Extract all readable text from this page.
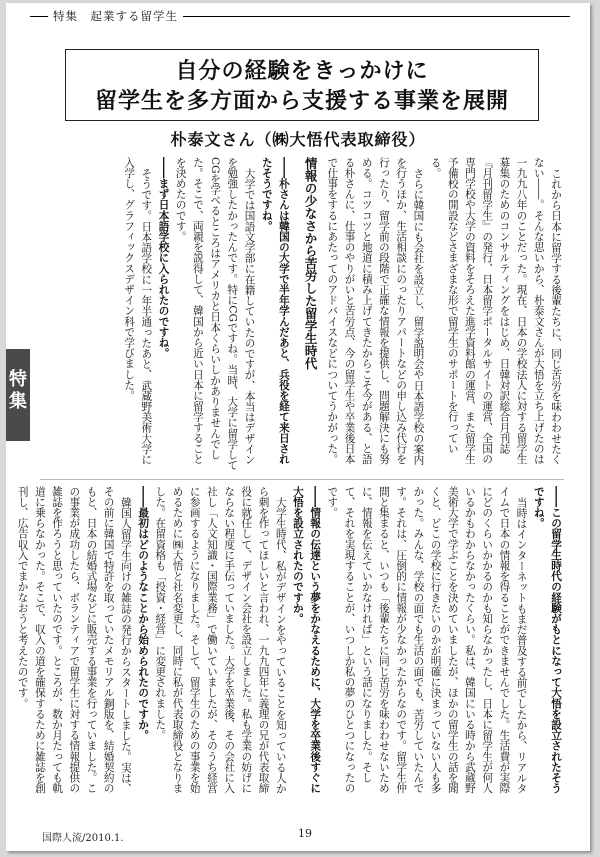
特集　起業する留学生
自分の経験をきっかけに
留学生を多方面から支援する事業を展開
朴泰文さん（㈱大悟代表取締役）
特集	これから日本に留学する後輩たちに、同じ苦労を味わわせたくない――。そんな思いから、朴泰文さんが大悟を立ち上げたのは一九九八年のことだった。現在、日本の学校法人に対する留学生募集のためのコンサルティングをはじめ、日韓対訳総合月刊誌『月刊留学生』の発行、日本留学ポータルサイトの運営、全国の専門学校や大学の資料をそろえた進学資料館の運営、また留学生予備校の開設などさまざまな形で留学生のサポートを行っている。

さらに韓国にも会社を設立し、留学説明会や日本語学校の案内を行うほか、生活相談にのったりアパートなどの申し込み代行を行ったり、留学前の段階で正確な情報を提供し、問題解決にも努める。コツコツと地道に積み上げてきたからこそ今がある、と語る朴さんに、仕事のやりがいと苦労点、今の留学生や卒業後日本で仕事をするにあたってのアドバイスなどについてうかがった。

情報の少なさから苦労した留学生時代

――朴さんは韓国の大学で半年学んだあと、兵役を経て来日されたそうですね。

大学では国語文学部に在籍していたのですが、本当はデザインを勉強したかったんです。特にCGですね。当時、大学に留学してCGを学べるところはアメリカと日本くらいしかありませんでした。そこで、両親を説得して、韓国から近い日本に留学することを決めたのです。

――まず日本語学校に入られたのですね。

そうです。日本語学校に一年半通ったあと、武蔵野美術大学に入学し、グラフィックスデザイン科で学びました。

――この留学生時代の経験がもとになって大悟を設立されたそうですね。

当時はインターネットもまだ普及する前でしたから、リアルタイムで日本の情報を得ることができませんでした。生活費が実際にどのくらいかかるのかも知らなかったし、日本に留学生が何人いるかもわからなかったくらい。私は、韓国にいる時から武蔵野美術大学で学ぶことを決めていましたが、ほかの留学生の話を聞くと、どこの学校に行きたいのかが明確に決まっていない人も多かった。みんな、学校の面でも生活の面でも、苦労していたんです。それは、圧倒的に情報が少なかったからなのです。留学生仲間と集まると、いつも「後輩たちに同じ苦労を味わわせないために、情報を伝えていかなければ」という話になりました。そして、それを実現することが、いつしか私の夢のひとつになったのです。

――情報の伝達という夢をかなえるために、大学を卒業後すぐに大悟を設立されたのですか。

大学生時代、私がデザインをやっていることを知っている人から刺を作ってほしいと言われ、一九九四年に義理の兄が代表取締役に就任して、デザイン会社を設立しました。私も学業の妨げにならない程度に手伝っていました。大学を卒業後、その会社に入社し「人文知識・国際業務」で働いていましたが、そのうち経営に参画するようになりました。そして、留学生のための事業を始めるために㈱大悟と社名変更し、同時に私が代表取締役となりました。在留資格も「投資・経営」に変更されました。

――最初はどのようなことから始められたのですか。

韓国人留学生向けの雑誌の発行からスタートしました。実は、その前に韓国で特許を取っていたメモリアル銅版を、結婚契約のもと、日本の結婚式場などに販売する事業を行っていました。この事業が成功したら、ボランティアで留学生に対する情報提供の雑誌を作ろうと思っていたのです。ところが、数か月たっても軌道に乗らなかった。そこで、収入の道を確保するために雑誌を創刊し、広告収入でまかなおうと考えたのです。

国際人流/2010.1.	19
